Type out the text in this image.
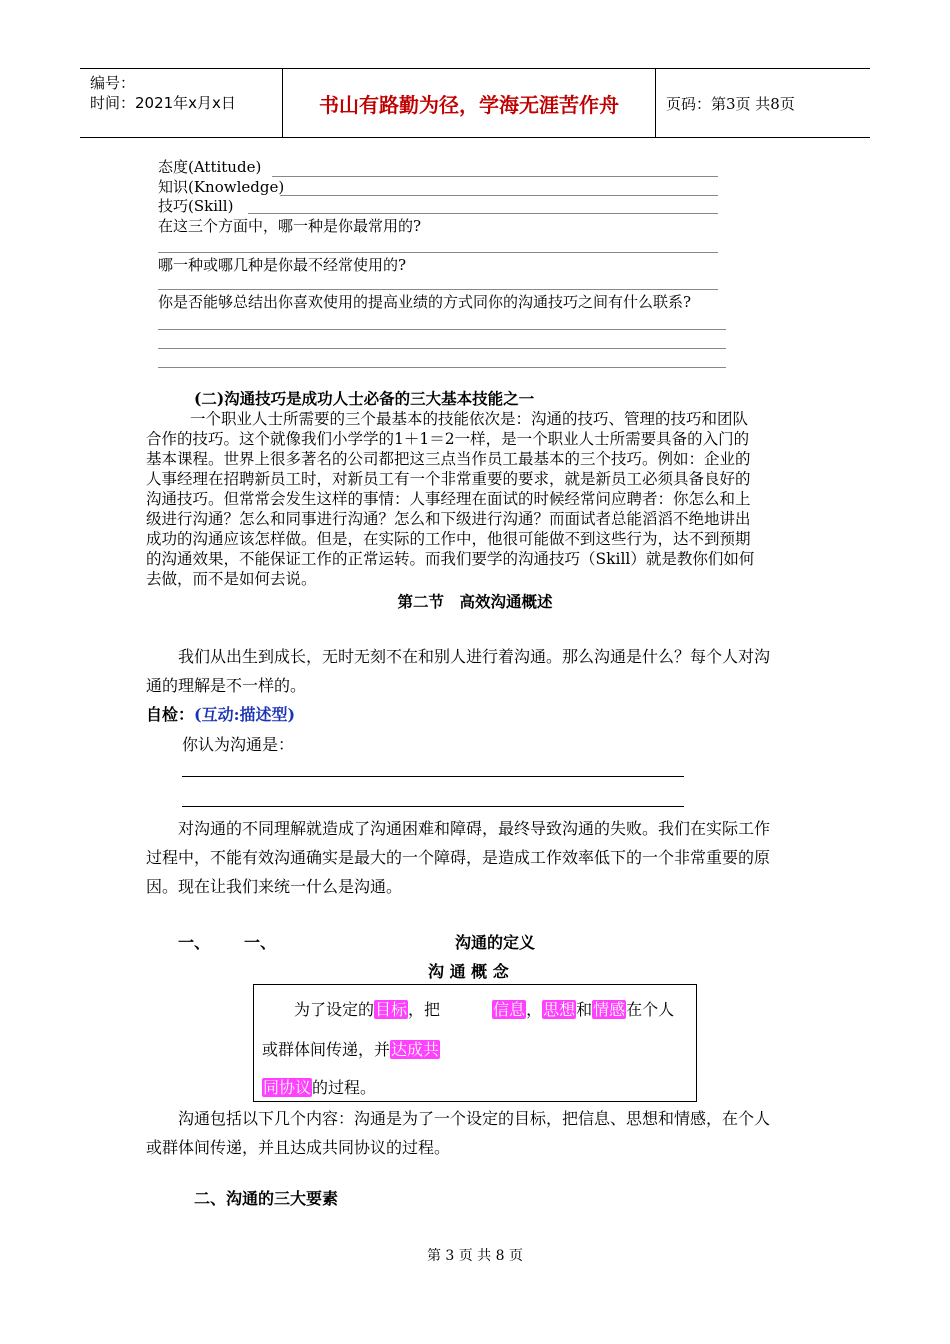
编号：
时间：2021年x月x日	书山有路勤为径，学海无涯苦作舟	页码：第3页 共8页
态度(Attitude)
知识(Knowledge)
技巧(Skill)
在这三个方面中，哪一种是你最常用的?
哪一种或哪几种是你最不经常使用的?
你是否能够总结出你喜欢使用的提高业绩的方式同你的沟通技巧之间有什么联系?
(二)沟通技巧是成功人士必备的三大基本技能之一
一个职业人士所需要的三个最基本的技能依次是：沟通的技巧、管理的技巧和团队
合作的技巧。这个就像我们小学学的1＋1＝2一样，是一个职业人士所需要具备的入门的
基本课程。世界上很多著名的公司都把这三点当作员工最基本的三个技巧。例如：企业的
人事经理在招聘新员工时，对新员工有一个非常重要的要求，就是新员工必须具备良好的
沟通技巧。但常常会发生这样的事情：人事经理在面试的时候经常问应聘者：你怎么和上
级进行沟通？怎么和同事进行沟通？怎么和下级进行沟通？而面试者总能滔滔不绝地讲出
成功的沟通应该怎样做。但是，在实际的工作中，他很可能做不到这些行为，达不到预期
的沟通效果，不能保证工作的正常运转。而我们要学的沟通技巧（Skill）就是教你们如何
去做，而不是如何去说。
第二节　高效沟通概述
我们从出生到成长，无时无刻不在和别人进行着沟通。那么沟通是什么？每个人对沟
通的理解是不一样的。
自检：(互动:描述型)
你认为沟通是：
对沟通的不同理解就造成了沟通困难和障碍，最终导致沟通的失败。我们在实际工作
过程中，不能有效沟通确实是最大的一个障碍，是造成工作效率低下的一个非常重要的原
因。现在让我们来统一什么是沟通。
一、 一、	沟通的定义
沟 通 概 念
为了设定的目标，把	信息，思想和情感在个人
或群体间传递，并达成共
同协议的过程。
沟通包括以下几个内容：沟通是为了一个设定的目标，把信息、思想和情感，在个人
或群体间传递，并且达成共同协议的过程。
二、沟通的三大要素
第 3 页 共 8 页
